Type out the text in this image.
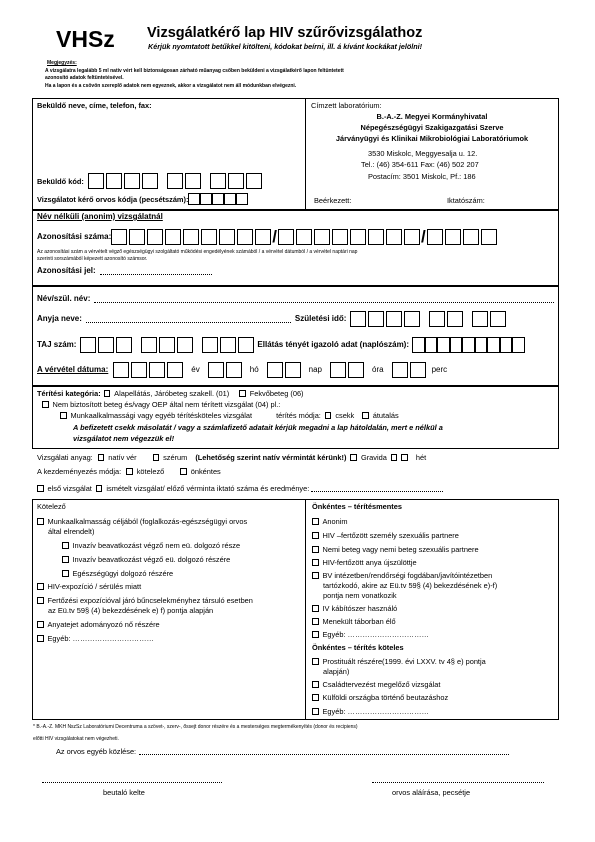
VHSz Vizsgálatkérő lap HIV szűrővizsgálathoz
Kérjük nyomtatott betűkkel kitölteni, kódokat beírni, ill. á kívánt kockákat jelölni!
Megjegyzés:
A vizsgálatra legalább 5 ml natív vért kell biztonságosan zárható műanyag csőben beküldeni a vizsgálatkérő lapon feltüntetett
azonosító adatok feltüntetésével.
Ha a lapon és a csövön szereplő adatok nem egyeznek, akkor a vizsgálatot nem áll módunkban elvégezni.
Beküldő neve, címe, telefon, fax:
Beküldő kód:
Vizsgálatot kérő orvos kódja (pecsétszám):
Címzett laboratórium:
B.-A.-Z. Megyei Kormányhivatal
Népegészségügyi Szakigazgatási Szerve
Járványügyi és Klinikai Mikrobiológiai Laboratóriumok
3530 Miskolc, Meggyesalja u. 12.
Tel.: (46) 354-611 Fax: (46) 502 207
Postacím: 3501 Miskolc, Pf.: 186
Beérkezett:	Iktatószám:
Név nélküli (anonim) vizsgálatnál
Azonosítási száma:	/	/
Az azonosítási szám a vérvételt végző egészségügyi szolgáltató működési engedélyének számából / a vérvétel dátumból / a vérvétel naptári nap
szerinti sorszámából képezett azonosító számsor.
Azonosítási jel:
Név/szül. név:
Anyja neve:	Születési idő:
TAJ szám:	Ellátás tényét igazoló adat (naplószám):
A vérvétel dátuma:	év	hó	nap	óra	perc
Térítési kategória: Alapellátás, Járóbeteg szakell. (01)	Fekvőbeteg (06)
Nem biztosított beteg és/vagy OEP által nem térített vizsgálat (04) pl.:
Munkaalkalmassági vagy egyéb térítésköteles vizsgálat	térítés módja: csekk	átutalás
A befizetett csekk másolatát / vagy a számlafizető adatait kérjük megadni a lap hátoldalán, mert e nélkül a
vizsgálatot nem végezzük el!
Vizsgálati anyag: natív vér	szérum (Lehetőség szerint natív vérmintát kérünk!) Gravida	hét
A kezdeményezés módja: kötelező	önkéntes
első vizsgálat ismételt vizsgálat/ előző vérminta iktató száma és eredménye:
Kötelező
Munkaalkalmasság céljából (foglalkozás-egészségügyi orvos
által elrendelt)
Invazív beavatkozást végző nem eü. dolgozó része
Invazív beavatkozást végző eü. dolgozó részére
Egészségügyi dolgozó részére
HIV-expozíció / sérülés miatt
Fertőzési expozícióval járó bűncselekményhez társuló esetben
az Eü.tv 59§ (4) bekezdésének e) f) pontja alapján
Anyatejet adományozó nő részére
Egyéb: ……………………………
Önkéntes – térítésmentes
Anonim
HIV –fertőzött személy szexuális partnere
Nemi beteg vagy nemi beteg szexuális partnere
HIV-fertőzött anya újszülöttje
BV intézetben/rendőrségi fogdában/javítóintézetben
tartózkodó, akire az Eü.tv 59§ (4) bekezdésének e)-f)
pontja nem vonatkozik
IV kábítószer használó
Menekült táborban élő
Egyéb: ……………………………
Önkéntes – térítés köteles
Prostituált részére(1999. évi LXXV. tv 4§ e) pontja
alapján)
Családtervezést megelőző vizsgálat
Külföldi országba történő beutazáshoz
Egyéb: ……………………………
* B.-A.-Z. MKH NszSz Laboratóriumi Decentruma a szövet-, szerv-, őssejt donor részére és a mesterséges megtermékenyítés (donor és recipiens)
előtti HIV vizsgálatokat nem végezheti.
Az orvos egyéb közlése:
beutaló kelte	orvos aláírása, pecsétje
